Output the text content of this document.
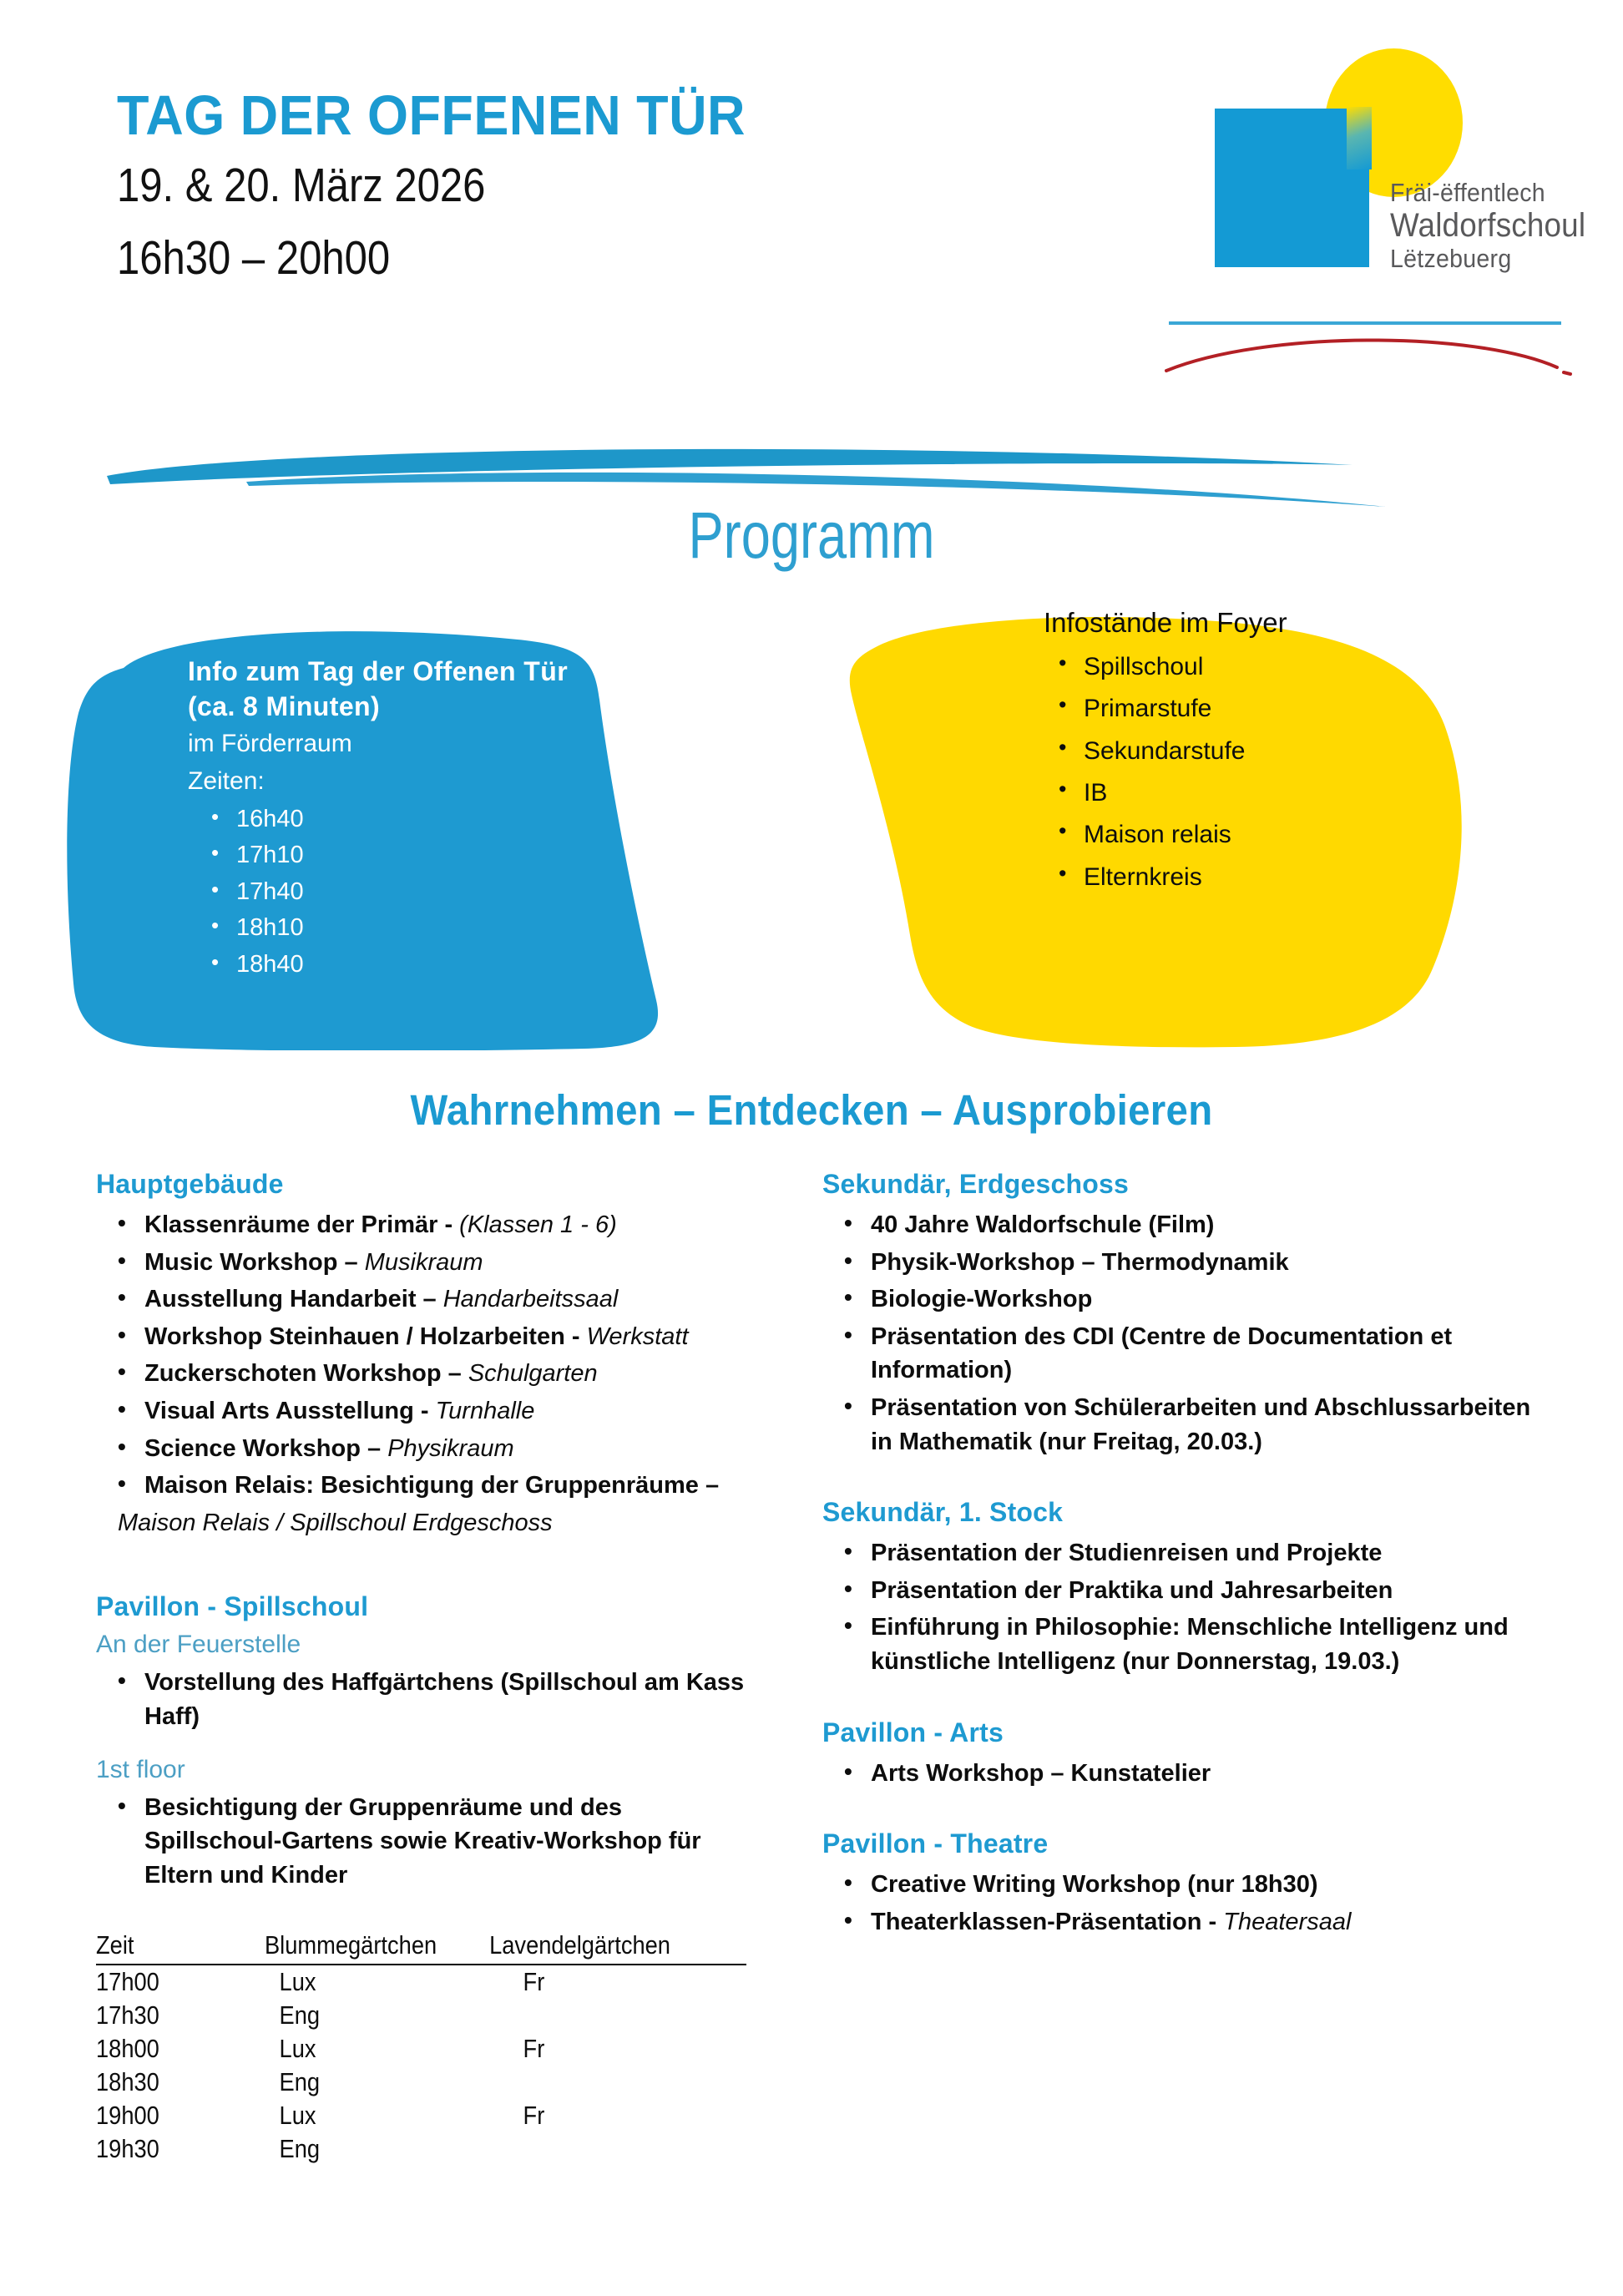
TAG DER OFFENEN TÜR
19. & 20. März 2026
16h30 – 20h00
Fräi-ëffentlech
Waldorfschoul
Lëtzebuerg
Programm
Info zum Tag der Offenen Tür
(ca. 8 Minuten)
im Förderraum
Zeiten:
• 16h40
• 17h10
• 17h40
• 18h10
• 18h40
Infostände im Foyer
• Spillschoul
• Primarstufe
• Sekundarstufe
• IB
• Maison relais
• Elternkreis
Wahrnehmen – Entdecken – Ausprobieren
Hauptgebäude
• Klassenräume der Primär - (Klassen 1 - 6)
• Music Workshop – Musikraum
• Ausstellung Handarbeit – Handarbeitssaal
• Workshop Steinhauen / Holzarbeiten - Werkstatt
• Zuckerschoten Workshop – Schulgarten
• Visual Arts Ausstellung - Turnhalle
• Science Workshop – Physikraum
• Maison Relais: Besichtigung der Gruppenräume –
Maison Relais / Spillschoul Erdgeschoss
Pavillon - Spillschoul
An der Feuerstelle
• Vorstellung des Haffgärtchens (Spillschoul am Kass Haff)
1st floor
• Besichtigung der Gruppenräume und des Spillschoul-Gartens sowie Kreativ-Workshop für Eltern und Kinder
Zeit	Blummegärtchen	Lavendelgärtchen
17h00	Lux	Fr
17h30	Eng	
18h00	Lux	Fr
18h30	Eng	
19h00	Lux	Fr
19h30	Eng	
Sekundär, Erdgeschoss
• 40 Jahre Waldorfschule (Film)
• Physik-Workshop – Thermodynamik
• Biologie-Workshop
• Präsentation des CDI (Centre de Documentation et Information)
• Präsentation von Schülerarbeiten und Abschlussarbeiten in Mathematik (nur Freitag, 20.03.)
Sekundär, 1. Stock
• Präsentation der Studienreisen und Projekte
• Präsentation der Praktika und Jahresarbeiten
• Einführung in Philosophie: Menschliche Intelligenz und künstliche Intelligenz (nur Donnerstag, 19.03.)
Pavillon - Arts
• Arts Workshop – Kunstatelier
Pavillon - Theatre
• Creative Writing Workshop (nur 18h30)
• Theaterklassen-Präsentation - Theatersaal
